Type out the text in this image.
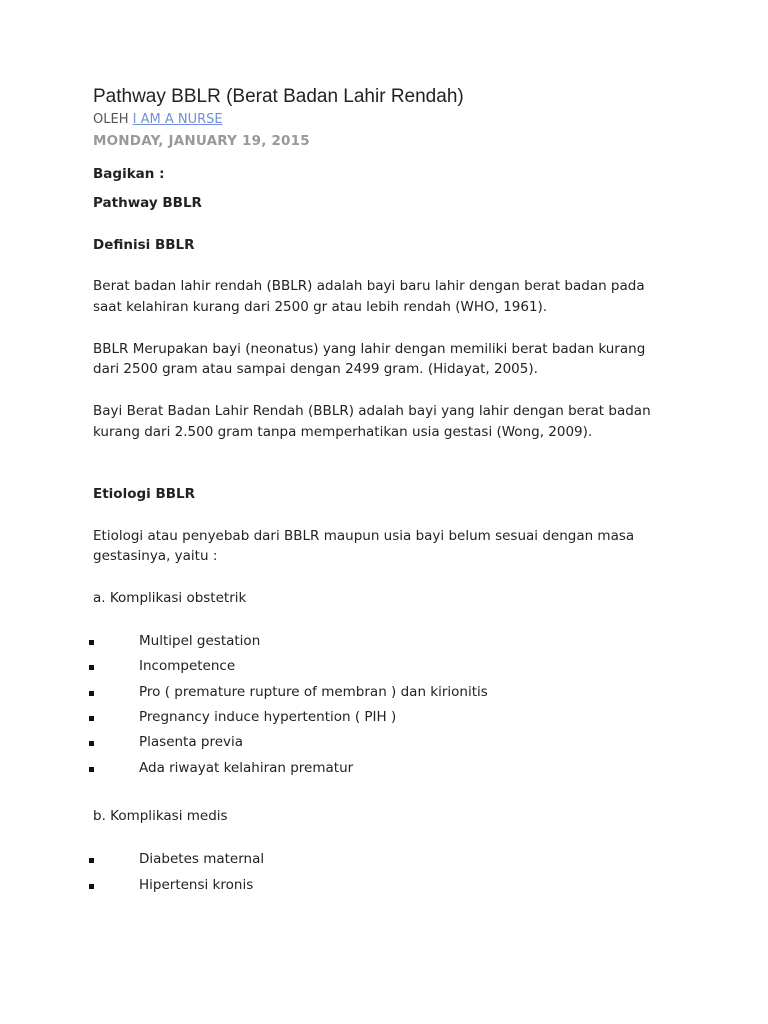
Pathway BBLR (Berat Badan Lahir Rendah)
OLEH I AM A NURSE
MONDAY, JANUARY 19, 2015
Bagikan :
Pathway BBLR
Definisi BBLR
Berat badan lahir rendah (BBLR) adalah bayi baru lahir dengan berat badan pada
saat kelahiran kurang dari 2500 gr atau lebih rendah (WHO, 1961).
BBLR Merupakan bayi (neonatus) yang lahir dengan memiliki berat badan kurang
dari 2500 gram atau sampai dengan 2499 gram. (Hidayat, 2005).
Bayi Berat Badan Lahir Rendah (BBLR) adalah bayi yang lahir dengan berat badan
kurang dari 2.500 gram tanpa memperhatikan usia gestasi (Wong, 2009).
Etiologi BBLR
Etiologi atau penyebab dari BBLR maupun usia bayi belum sesuai dengan masa
gestasinya, yaitu :
a. Komplikasi obstetrik
Multipel gestation
Incompetence
Pro ( premature rupture of membran ) dan kirionitis
Pregnancy induce hypertention ( PIH )
Plasenta previa
Ada riwayat kelahiran prematur
b. Komplikasi medis
Diabetes maternal
Hipertensi kronis
